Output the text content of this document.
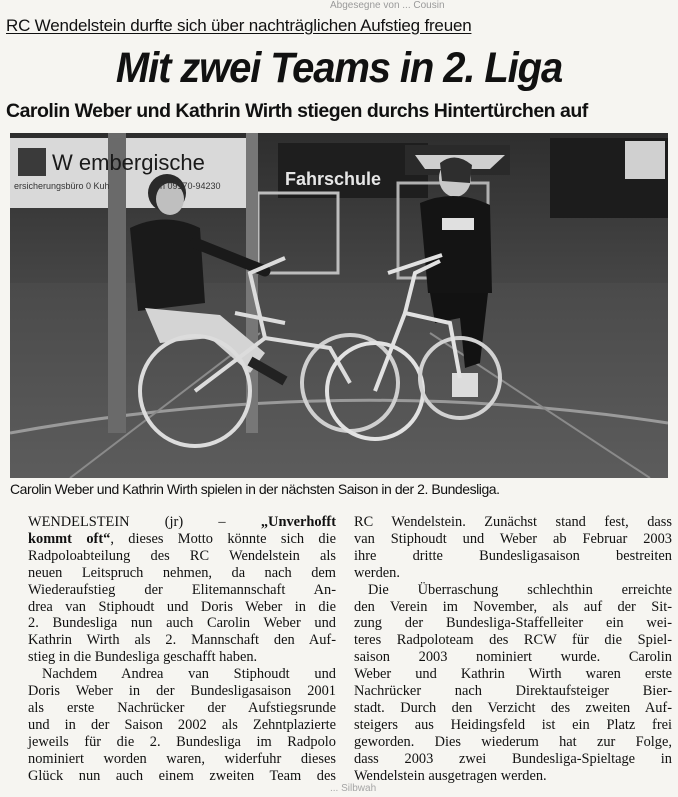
Abgesegne von ... Cousin
RC Wendelstein durfte sich über nachträglichen Aufstieg freuen
Mit zwei Teams in 2. Liga
Carolin Weber und Kathrin Wirth stiegen durchs Hintertürchen auf
W embergische
ersicherungsbüro 0 Kuh	n 09170-94230	Fahrschule
Carolin Weber und Kathrin Wirth spielen in der nächsten Saison in der 2. Bundesliga.
WENDELSTEIN (jr) – „Unverhofft
kommt oft“, dieses Motto könnte sich die
Radpoloabteilung des RC Wendelstein als
neuen Leitspruch nehmen, da nach dem
Wiederaufstieg der Elitemannschaft An-
drea van Stiphoudt und Doris Weber in die
2. Bundesliga nun auch Carolin Weber und
Kathrin Wirth als 2. Mannschaft den Auf-
stieg in die Bundesliga geschafft haben.
Nachdem Andrea van Stiphoudt und
Doris Weber in der Bundesligasaison 2001
als erste Nachrücker der Aufstiegsrunde
und in der Saison 2002 als Zehntplazierte
jeweils für die 2. Bundesliga im Radpolo
nominiert worden waren, widerfuhr dieses
Glück nun auch einem zweiten Team des
RC Wendelstein. Zunächst stand fest, dass
van Stiphoudt und Weber ab Februar 2003
ihre dritte Bundesligasaison bestreiten
werden.
Die Überraschung schlechthin erreichte
den Verein im November, als auf der Sit-
zung der Bundesliga-Staffelleiter ein wei-
teres Radpoloteam des RCW für die Spiel-
saison 2003 nominiert wurde. Carolin
Weber und Kathrin Wirth waren erste
Nachrücker nach Direktaufsteiger Bier-
stadt. Durch den Verzicht des zweiten Auf-
steigers aus Heidingsfeld ist ein Platz frei
geworden. Dies wiederum hat zur Folge,
dass 2003 zwei Bundesliga-Spieltage in
Wendelstein ausgetragen werden.
... Silbwah
